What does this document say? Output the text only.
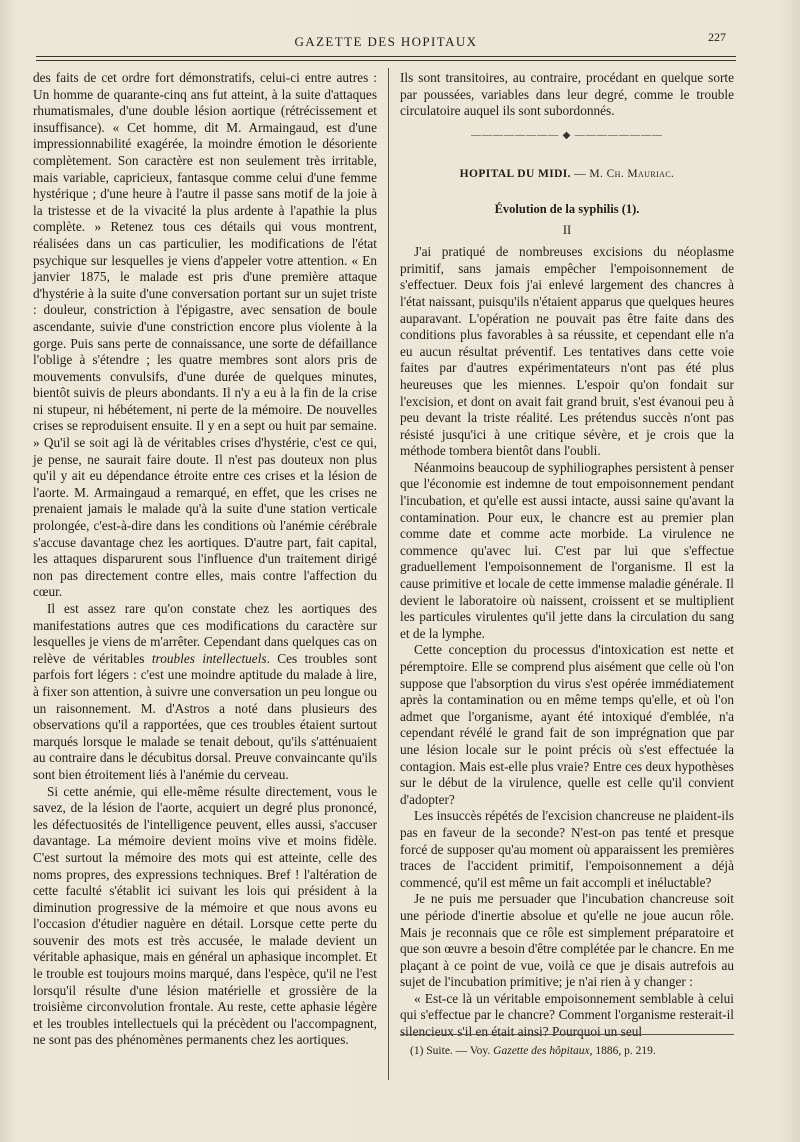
GAZETTE DES HOPITAUX	227

des faits de cet ordre fort démonstratifs, celui-ci entre autres : Un homme de quarante-cinq ans fut atteint, à la suite d'attaques rhumatismales, d'une double lésion aortique (rétrécissement et insuffisance). « Cet homme, dit M. Armaingaud, est d'une impressionnabilité exagérée, la moindre émotion le désoriente complètement. Son caractère est non seulement très irritable, mais variable, capricieux, fantasque comme celui d'une femme hystérique ; d'une heure à l'autre il passe sans motif de la joie à la tristesse et de la vivacité la plus ardente à l'apathie la plus complète. » Retenez tous ces détails qui vous montrent, réalisées dans un cas particulier, les modifications de l'état psychique sur lesquelles je viens d'appeler votre attention. « En janvier 1875, le malade est pris d'une première attaque d'hystérie à la suite d'une conversation portant sur un sujet triste : douleur, constriction à l'épigastre, avec sensation de boule ascendante, suivie d'une constriction encore plus violente à la gorge. Puis sans perte de connaissance, une sorte de défaillance l'oblige à s'étendre ; les quatre membres sont alors pris de mouvements convulsifs, d'une durée de quelques minutes, bientôt suivis de pleurs abondants. Il n'y a eu à la fin de la crise ni stupeur, ni hébétement, ni perte de la mémoire. De nouvelles crises se reproduisent ensuite. Il y en a sept ou huit par semaine. » Qu'il se soit agi là de véritables crises d'hystérie, c'est ce qui, je pense, ne saurait faire doute. Il n'est pas douteux non plus qu'il y ait eu dépendance étroite entre ces crises et la lésion de l'aorte. M. Armaingaud a remarqué, en effet, que les crises ne prenaient jamais le malade qu'à la suite d'une station verticale prolongée, c'est-à-dire dans les conditions où l'anémie cérébrale s'accuse davantage chez les aortiques. D'autre part, fait capital, les attaques disparurent sous l'influence d'un traitement dirigé non pas directement contre elles, mais contre l'affection du cœur.

Il est assez rare qu'on constate chez les aortiques des manifestations autres que ces modifications du caractère sur lesquelles je viens de m'arrêter. Cependant dans quelques cas on relève de véritables troubles intellectuels. Ces troubles sont parfois fort légers : c'est une moindre aptitude du malade à lire, à fixer son attention, à suivre une conversation un peu longue ou un raisonnement. M. d'Astros a noté dans plusieurs des observations qu'il a rapportées, que ces troubles étaient surtout marqués lorsque le malade se tenait debout, qu'ils s'atténuaient au contraire dans le décubitus dorsal. Preuve convaincante qu'ils sont bien étroitement liés à l'anémie du cerveau.

Si cette anémie, qui elle-même résulte directement, vous le savez, de la lésion de l'aorte, acquiert un degré plus prononcé, les défectuosités de l'intelligence peuvent, elles aussi, s'accuser davantage. La mémoire devient moins vive et moins fidèle. C'est surtout la mémoire des mots qui est atteinte, celle des noms propres, des expressions techniques. Bref ! l'altération de cette faculté s'établit ici suivant les lois qui président à la diminution progressive de la mémoire et que nous avons eu l'occasion d'étudier naguère en détail. Lorsque cette perte du souvenir des mots est très accusée, le malade devient un véritable aphasique, mais en général un aphasique incomplet. Et le trouble est toujours moins marqué, dans l'espèce, qu'il ne l'est lorsqu'il résulte d'une lésion matérielle et grossière de la troisième circonvolution frontale. Au reste, cette aphasie légère et les troubles intellectuels qui la précèdent ou l'accompagnent, ne sont pas des phénomènes permanents chez les aortiques.

Ils sont transitoires, au contraire, procédant en quelque sorte par poussées, variables dans leur degré, comme le trouble circulatoire auquel ils sont subordonnés.

———————— ◆ ————————
HOPITAL DU MIDI. — M. Ch. Mauriac.
Évolution de la syphilis (1).
II

J'ai pratiqué de nombreuses excisions du néoplasme primitif, sans jamais empêcher l'empoisonnement de s'effectuer. Deux fois j'ai enlevé largement des chancres à l'état naissant, puisqu'ils n'étaient apparus que quelques heures auparavant. L'opération ne pouvait pas être faite dans des conditions plus favorables à sa réussite, et cependant elle n'a eu aucun résultat préventif. Les tentatives dans cette voie faites par d'autres expérimentateurs n'ont pas été plus heureuses que les miennes. L'espoir qu'on fondait sur l'excision, et dont on avait fait grand bruit, s'est évanoui peu à peu devant la triste réalité. Les prétendus succès n'ont pas résisté jusqu'ici à une critique sévère, et je crois que la méthode tombera bientôt dans l'oubli.

Néanmoins beaucoup de syphiliographes persistent à penser que l'économie est indemne de tout empoisonnement pendant l'incubation, et qu'elle est aussi intacte, aussi saine qu'avant la contamination. Pour eux, le chancre est au premier plan comme date et comme acte morbide. La virulence ne commence qu'avec lui. C'est par lui que s'effectue graduellement l'empoisonnement de l'organisme. Il est la cause primitive et locale de cette immense maladie générale. Il devient le laboratoire où naissent, croissent et se multiplient les particules virulentes qu'il jette dans la circulation du sang et de la lymphe.

Cette conception du processus d'intoxication est nette et péremptoire. Elle se comprend plus aisément que celle où l'on suppose que l'absorption du virus s'est opérée immédiatement après la contamination ou en même temps qu'elle, et où l'on admet que l'organisme, ayant été intoxiqué d'emblée, n'a cependant révélé le grand fait de son imprégnation que par une lésion locale sur le point précis où s'est effectuée la contagion. Mais est-elle plus vraie? Entre ces deux hypothèses sur le début de la virulence, quelle est celle qu'il convient d'adopter?

Les insuccès répétés de l'excision chancreuse ne plaident-ils pas en faveur de la seconde? N'est-on pas tenté et presque forcé de supposer qu'au moment où apparaissent les premières traces de l'accident primitif, l'empoisonnement a déjà commencé, qu'il est même un fait accompli et inéluctable?

Je ne puis me persuader que l'incubation chancreuse soit une période d'inertie absolue et qu'elle ne joue aucun rôle. Mais je reconnais que ce rôle est simplement préparatoire et que son œuvre a besoin d'être complétée par le chancre. En me plaçant à ce point de vue, voilà ce que je disais autrefois au sujet de l'incubation primitive; je n'ai rien à y changer :

« Est-ce là un véritable empoisonnement semblable à celui qui s'effectue par le chancre? Comment l'organisme resterait-il silencieux s'il en était ainsi? Pourquoi un seul

(1) Suite. — Voy. Gazette des hôpitaux, 1886, p. 219.
